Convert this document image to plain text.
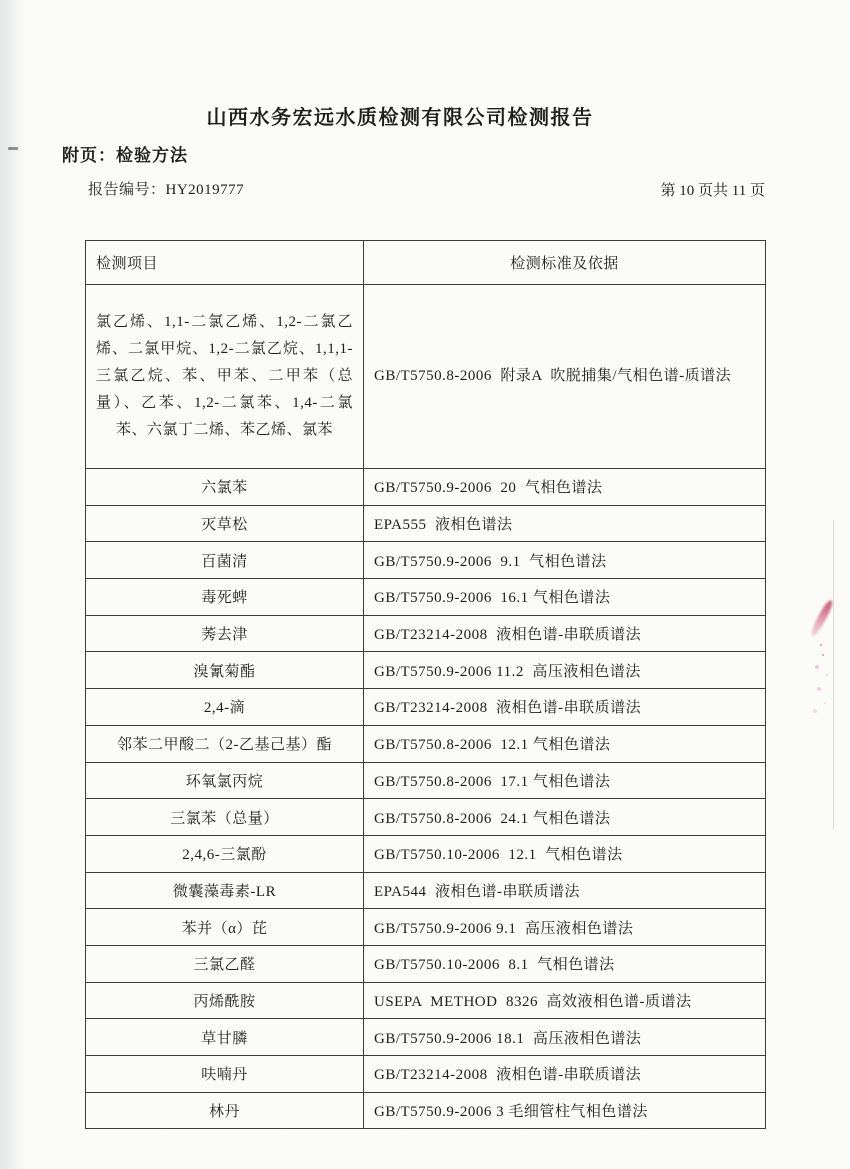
山西水务宏远水质检测有限公司检测报告
附页：检验方法
报告编号：HY2019777	第 10 页共 11 页
检测项目	检测标准及依据
氯乙烯、1,1-二氯乙烯、1,2-二氯乙烯、二氯甲烷、1,2-二氯乙烷、1,1,1-三氯乙烷、苯、甲苯、二甲苯（总量）、乙苯、1,2-二氯苯、1,4-二氯苯、六氯丁二烯、苯乙烯、氯苯	GB/T5750.8-2006  附录A  吹脱捕集/气相色谱-质谱法
六氯苯	GB/T5750.9-2006  20  气相色谱法
灭草松	EPA555  液相色谱法
百菌清	GB/T5750.9-2006  9.1  气相色谱法
毒死蜱	GB/T5750.9-2006  16.1 气相色谱法
莠去津	GB/T23214-2008  液相色谱-串联质谱法
溴氰菊酯	GB/T5750.9-2006 11.2  高压液相色谱法
2,4-滴	GB/T23214-2008  液相色谱-串联质谱法
邻苯二甲酸二（2-乙基己基）酯	GB/T5750.8-2006  12.1 气相色谱法
环氧氯丙烷	GB/T5750.8-2006  17.1 气相色谱法
三氯苯（总量）	GB/T5750.8-2006  24.1 气相色谱法
2,4,6-三氯酚	GB/T5750.10-2006  12.1  气相色谱法
微囊藻毒素-LR	EPA544  液相色谱-串联质谱法
苯并（α）芘	GB/T5750.9-2006 9.1  高压液相色谱法
三氯乙醛	GB/T5750.10-2006  8.1  气相色谱法
丙烯酰胺	USEPA  METHOD  8326  高效液相色谱-质谱法
草甘膦	GB/T5750.9-2006 18.1  高压液相色谱法
呋喃丹	GB/T23214-2008  液相色谱-串联质谱法
林丹	GB/T5750.9-2006 3 毛细管柱气相色谱法
